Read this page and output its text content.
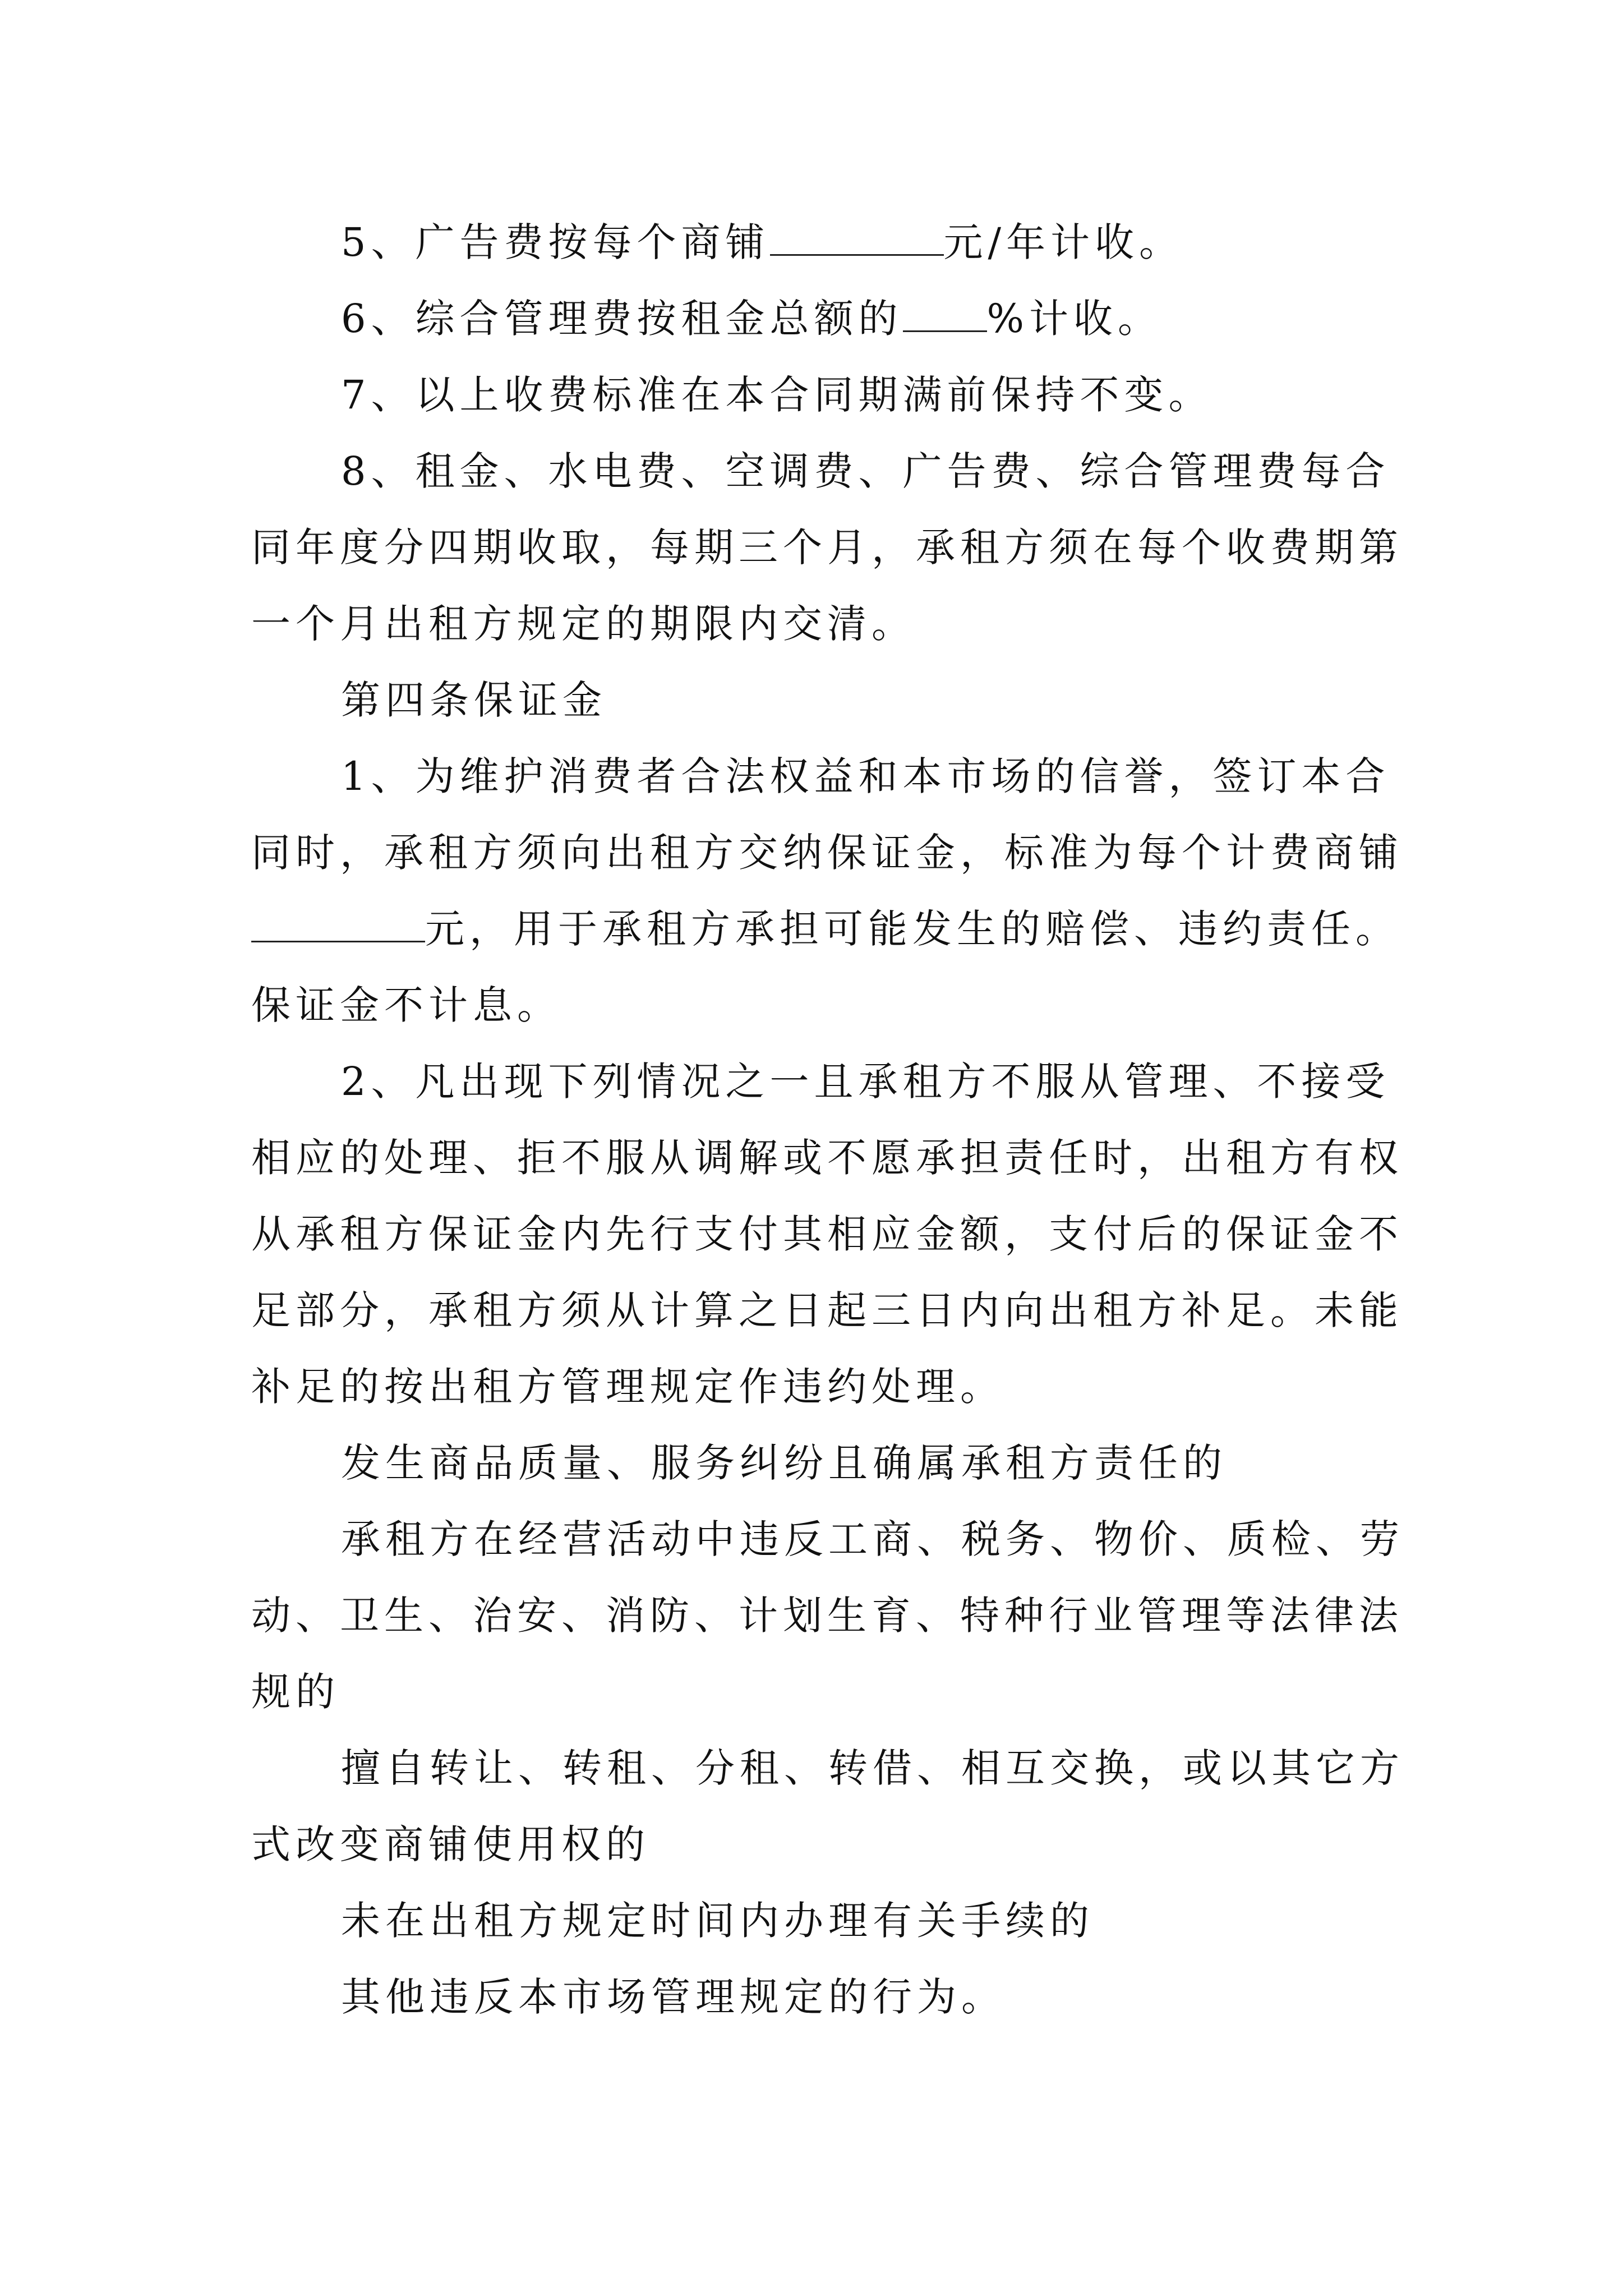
5、广告费按每个商铺	元/年计收。

6、综合管理费按租金总额的 %计收。

7、以上收费标准在本合同期满前保持不变。

8、租金、水电费、空调费、广告费、综合管理费每合

同年度分四期收取，每期三个月，承租方须在每个收费期第

一个月出租方规定的期限内交清。

第四条保证金

1、为维护消费者合法权益和本市场的信誉，签订本合

同时，承租方须向出租方交纳保证金，标准为每个计费商铺

元，用于承租方承担可能发生的赔偿、违约责任。

保证金不计息。

2、凡出现下列情况之一且承租方不服从管理、不接受

相应的处理、拒不服从调解或不愿承担责任时，出租方有权

从承租方保证金内先行支付其相应金额，支付后的保证金不

足部分，承租方须从计算之日起三日内向出租方补足。未能

补足的按出租方管理规定作违约处理。

发生商品质量、服务纠纷且确属承租方责任的

承租方在经营活动中违反工商、税务、物价、质检、劳

动、卫生、治安、消防、计划生育、特种行业管理等法律法

规的

擅自转让、转租、分租、转借、相互交换，或以其它方

式改变商铺使用权的

未在出租方规定时间内办理有关手续的

其他违反本市场管理规定的行为。
